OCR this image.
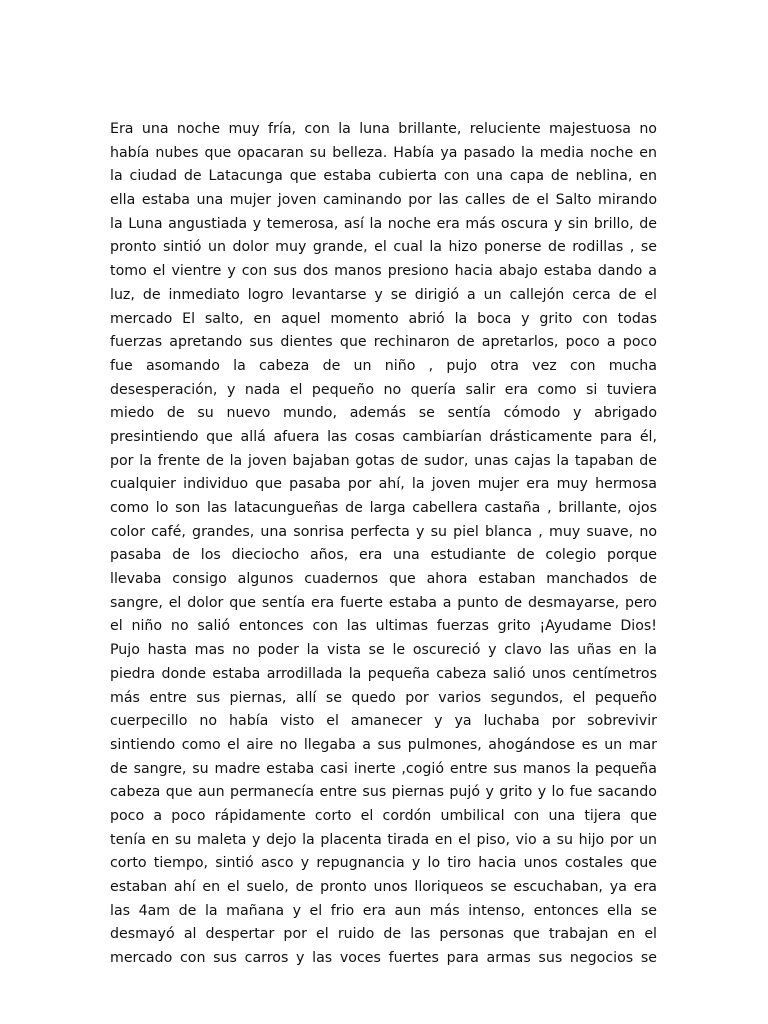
Era una noche muy fría, con la luna brillante, reluciente majestuosa no
había nubes que opacaran su belleza. Había ya pasado la media noche en
la ciudad de Latacunga que estaba cubierta con una capa de neblina, en
ella estaba una mujer joven caminando por las calles de el Salto mirando
la Luna angustiada y temerosa, así la noche era más oscura y sin brillo, de
pronto sintió un dolor muy grande, el cual la hizo ponerse de rodillas , se
tomo el vientre y con sus dos manos presiono hacia abajo estaba dando a
luz, de inmediato logro levantarse y se dirigió a un callejón cerca de el
mercado El salto, en aquel momento abrió la boca y grito con todas
fuerzas apretando sus dientes que rechinaron de apretarlos, poco a poco
fue asomando la cabeza de un niño , pujo otra vez con mucha
desesperación, y nada el pequeño no quería salir era como si tuviera
miedo de su nuevo mundo, además se sentía cómodo y abrigado
presintiendo que allá afuera las cosas cambiarían drásticamente para él,
por la frente de la joven bajaban gotas de sudor, unas cajas la tapaban de
cualquier individuo que pasaba por ahí, la joven mujer era muy hermosa
como lo son las latacungueñas de larga cabellera castaña , brillante, ojos
color café, grandes, una sonrisa perfecta y su piel blanca , muy suave, no
pasaba de los dieciocho años, era una estudiante de colegio porque
llevaba consigo algunos cuadernos que ahora estaban manchados de
sangre, el dolor que sentía era fuerte estaba a punto de desmayarse, pero
el niño no salió entonces con las ultimas fuerzas grito ¡Ayudame Dios!
Pujo hasta mas no poder la vista se le oscureció y clavo las uñas en la
piedra donde estaba arrodillada la pequeña cabeza salió unos centímetros
más entre sus piernas, allí se quedo por varios segundos, el pequeño
cuerpecillo no había visto el amanecer y ya luchaba por sobrevivir
sintiendo como el aire no llegaba a sus pulmones, ahogándose es un mar
de sangre, su madre estaba casi inerte ,cogió entre sus manos la pequeña
cabeza que aun permanecía entre sus piernas pujó y grito y lo fue sacando
poco a poco rápidamente corto el cordón umbilical con una tijera que
tenía en su maleta y dejo la placenta tirada en el piso, vio a su hijo por un
corto tiempo, sintió asco y repugnancia y lo tiro hacia unos costales que
estaban ahí en el suelo, de pronto unos lloriqueos se escuchaban, ya era
las 4am de la mañana y el frio era aun más intenso, entonces ella se
desmayó al despertar por el ruido de las personas que trabajan en el
mercado con sus carros y las voces fuertes para armas sus negocios se
